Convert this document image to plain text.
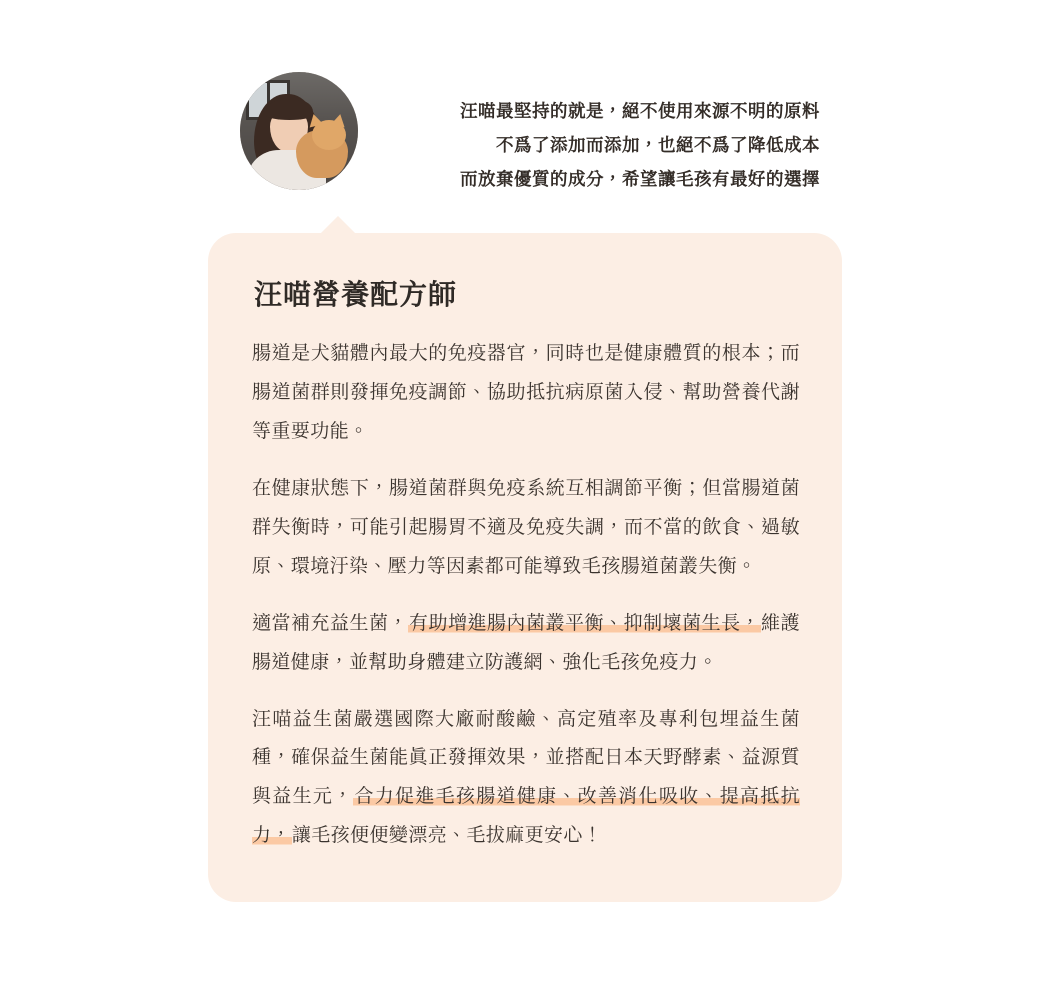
汪喵最堅持的就是，絕不使用來源不明的原料
不爲了添加而添加，也絕不爲了降低成本
而放棄優質的成分，希望讓毛孩有最好的選擇
汪喵營養配方師

腸道是犬貓體內最大的免疫器官，同時也是健康體質的根本；而腸道菌群則發揮免疫調節、協助抵抗病原菌入侵、幫助營養代謝等重要功能。

在健康狀態下，腸道菌群與免疫系統互相調節平衡；但當腸道菌群失衡時，可能引起腸胃不適及免疫失調，而不當的飲食、過敏原、環境汙染、壓力等因素都可能導致毛孩腸道菌叢失衡。

適當補充益生菌，有助增進腸內菌叢平衡、抑制壞菌生長，維護腸道健康，並幫助身體建立防護網、強化毛孩免疫力。

汪喵益生菌嚴選國際大廠耐酸鹼、高定殖率及專利包埋益生菌種，確保益生菌能眞正發揮效果，並搭配日本天野酵素、益源質與益生元，合力促進毛孩腸道健康、改善消化吸收、提高抵抗力，讓毛孩便便變漂亮、毛拔麻更安心！
